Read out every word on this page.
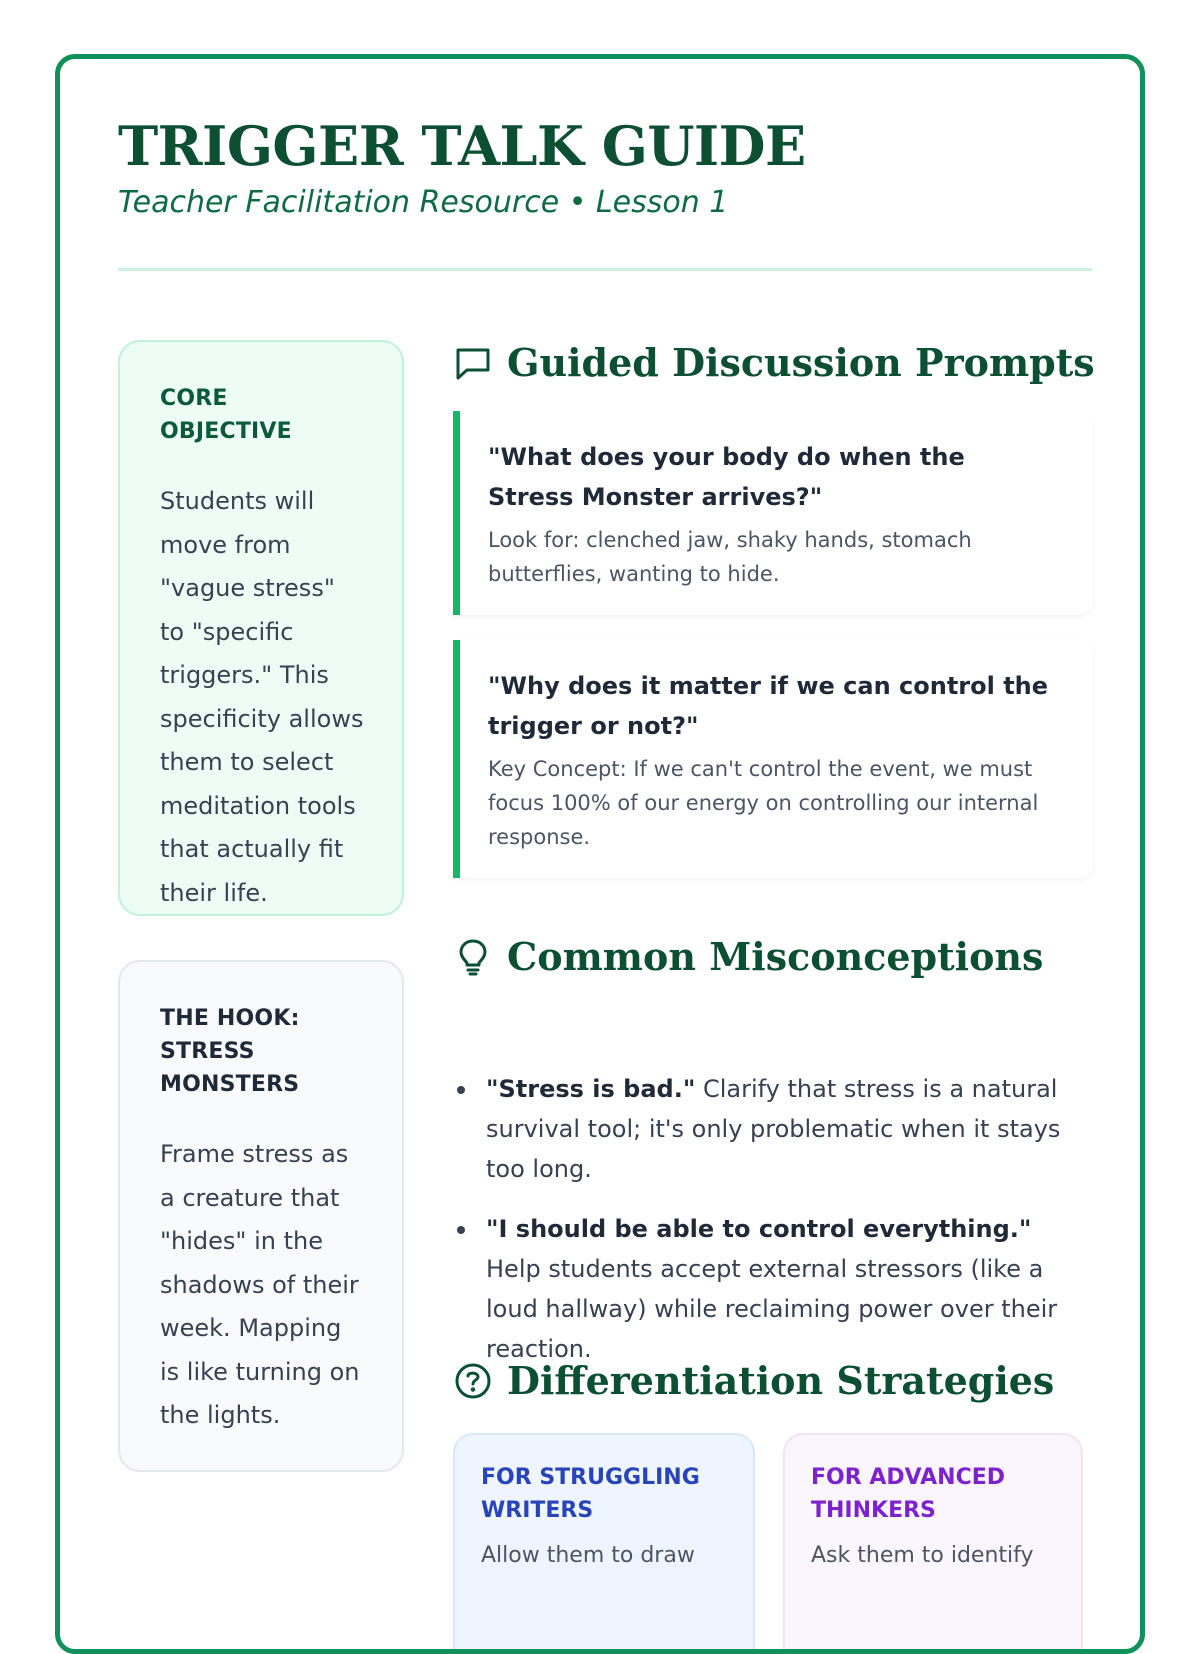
TRIGGER TALK GUIDE

Teacher Facilitation Resource • Lesson 1

CORE OBJECTIVE

Students will move from "vague stress" to "specific triggers." This specificity allows them to select meditation tools that actually fit their life.

THE HOOK: STRESS MONSTERS

Frame stress as a creature that "hides" in the shadows of their week. Mapping is like turning on the lights.

Guided Discussion Prompts

"What does your body do when the Stress Monster arrives?"

Look for: clenched jaw, shaky hands, stomach butterflies, wanting to hide.

"Why does it matter if we can control the trigger or not?"

Key Concept: If we can't control the event, we must focus 100% of our energy on controlling our internal response.

Common Misconceptions
"Stress is bad." Clarify that stress is a natural survival tool; it's only problematic when it stays too long.
"I should be able to control everything." Help students accept external stressors (like a loud hallway) while reclaiming power over their reaction.
Differentiation Strategies

FOR STRUGGLING WRITERS

Allow them to draw

FOR ADVANCED THINKERS

Ask them to identify
